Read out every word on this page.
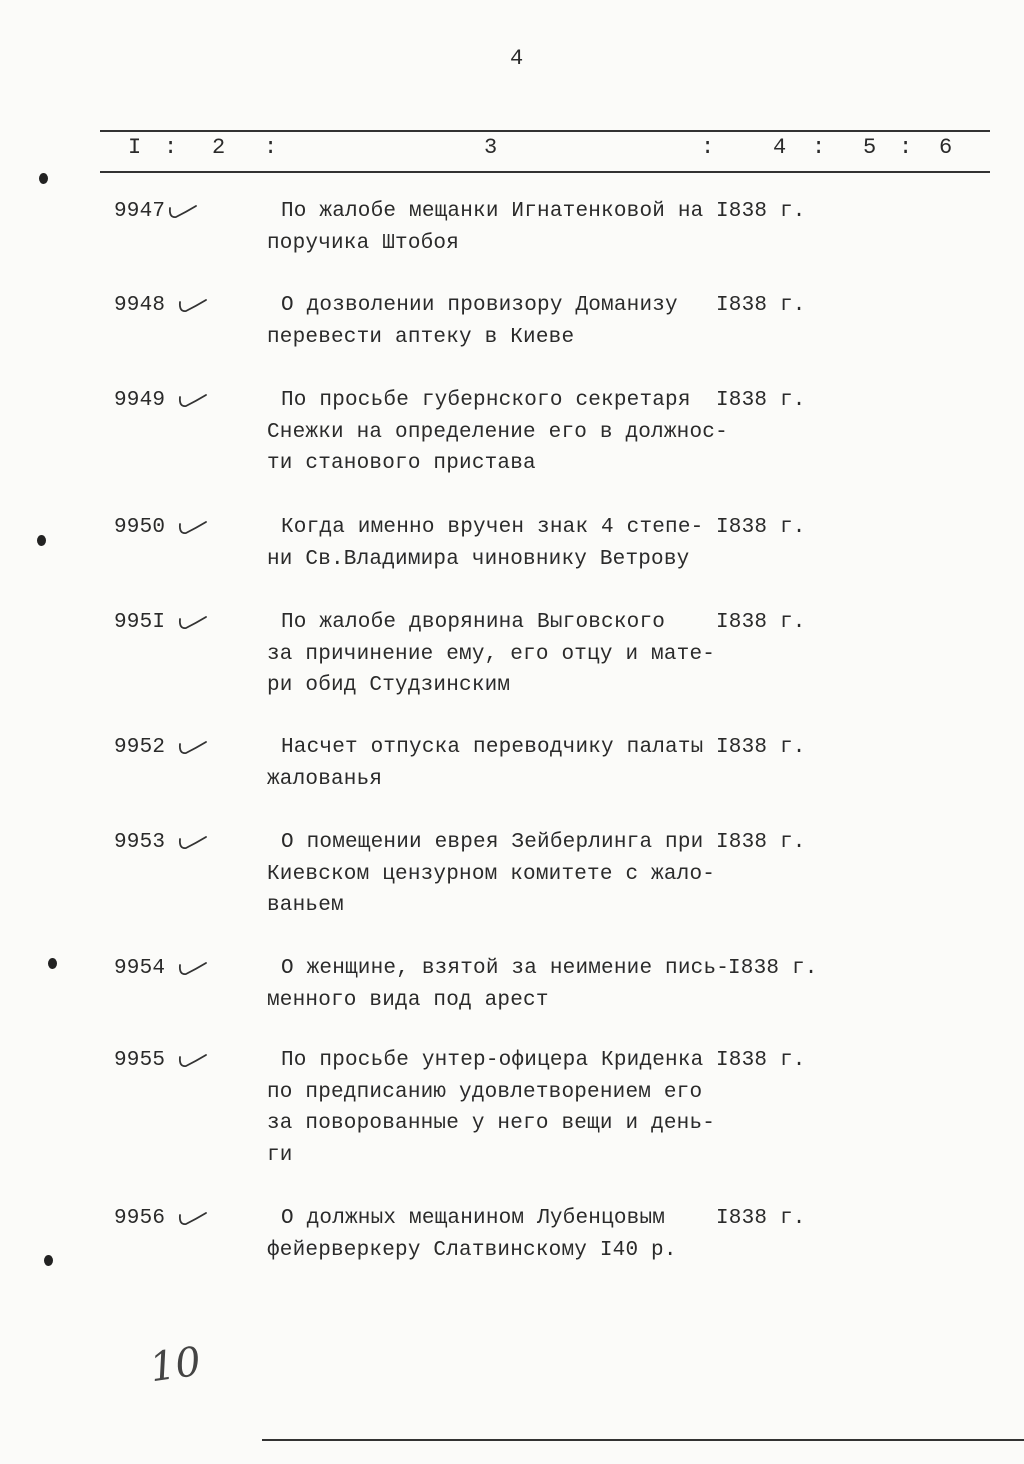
4
I : 2 :	3	:	4 : 5 : 6
9947	По жалобе мещанки Игнатенковой на
поручика Штобоя
I838 г.
9948	О дозволении провизору Доманизу
перевести аптеку в Киеве
I838 г.
9949	По просьбе губернского секретаря
Снежки на определение его в должнос-
ти станового пристава
I838 г.
9950	Когда именно вручен знак 4 степе-
ни Св.Владимира чиновнику Ветрову
I838 г.
995I	По жалобе дворянина Выговского
за причинение ему, его отцу и мате-
ри обид Студзинским
I838 г.
9952	Насчет отпуска переводчику палаты
жалованья
I838 г.
9953	О помещении еврея Зейберлинга при
Киевском цензурном комитете с жало-
ваньем
I838 г.
9954	О женщине, взятой за неимение пись-
менного вида под арест
I838 г.
9955	По просьбе унтер-офицера Криденка
по предписанию удовлетворением его
за поворованные у него вещи и день-
ги
I838 г.
9956	О должных мещанином Лубенцовым
фейерверкеру Слатвинскому I40 р.
I838 г.
10
